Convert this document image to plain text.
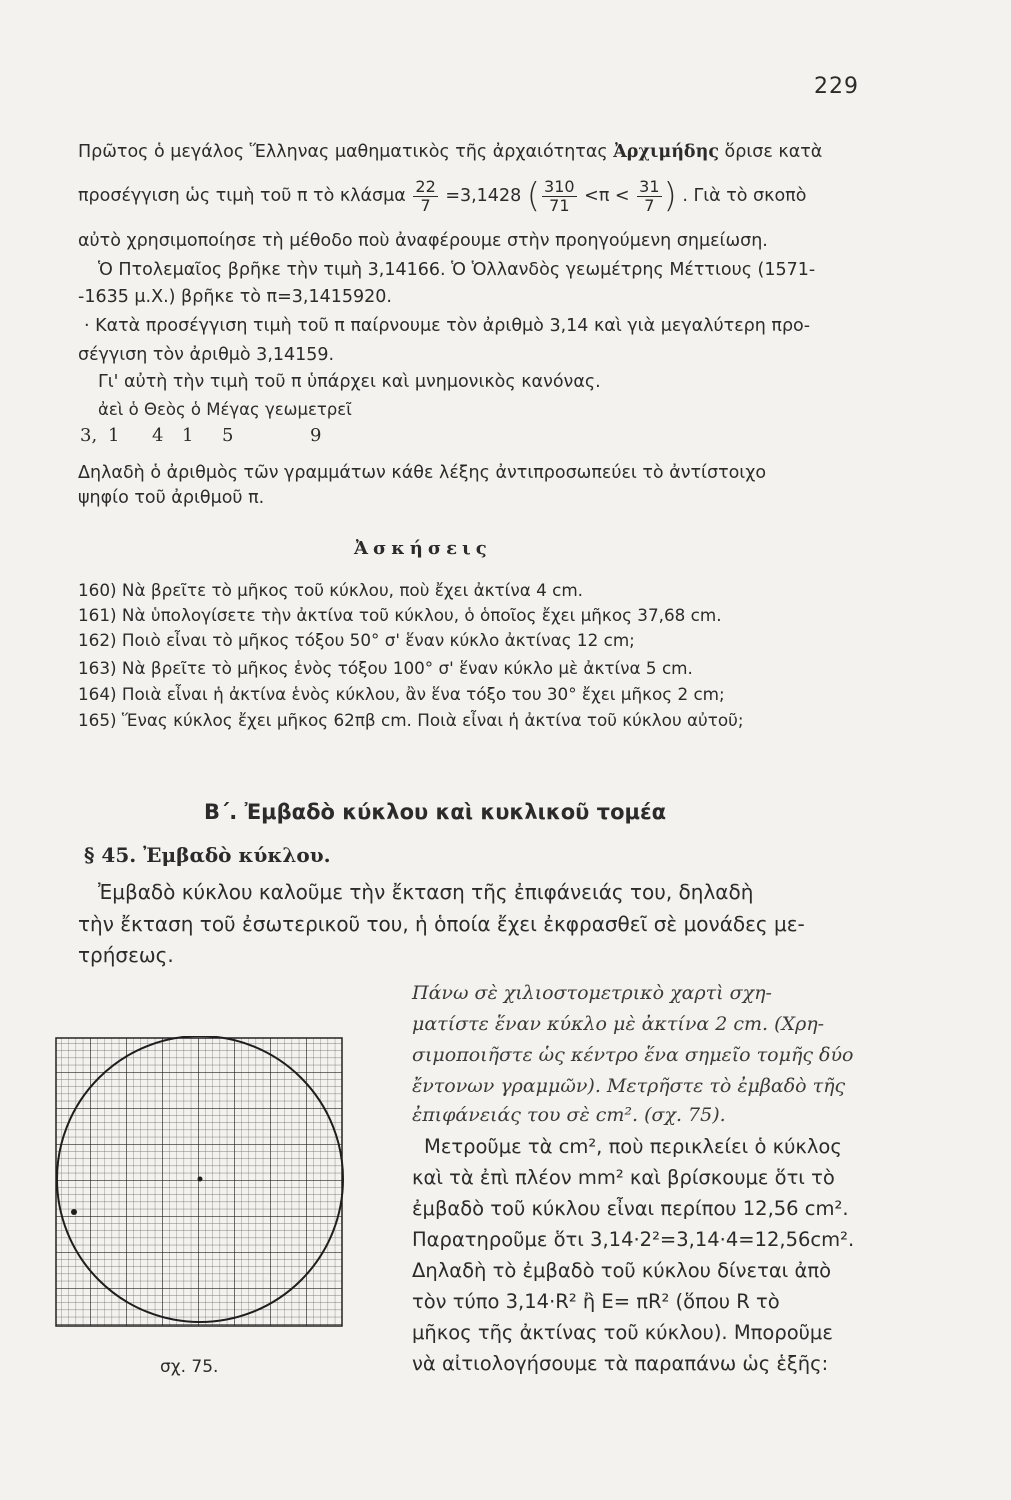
229
Πρῶτος ὁ μεγάλος Ἕλληνας μαθηματικὸς τῆς ἀρχαιότητας Ἀρχιμήδης ὅρισε κατὰ
προσέγγιση ὡς τιμὴ τοῦ π τὸ κλάσμα $\frac{22}{7} =3,1428$ ( $\frac{310}{71} <\pi < \frac{31}{7}$ ) . Γιὰ τὸ σκοπὸ
αὐτὸ χρησιμοποίησε τὴ μέθοδο ποὺ ἀναφέρουμε στὴν προηγούμενη σημείωση.
Ὁ Πτολεμαῖος βρῆκε τὴν τιμὴ 3,14166. Ὁ Ὁλλανδὸς γεωμέτρης Μέττιους (1571-
-1635 μ.Χ.) βρῆκε τὸ π=3,1415920.
· Κατὰ προσέγγιση τιμὴ τοῦ π παίρνουμε τὸν ἀριθμὸ 3,14 καὶ γιὰ μεγαλύτερη προ-
σέγγιση τὸν ἀριθμὸ 3,14159.
Γι' αὐτὴ τὴν τιμὴ τοῦ π ὑπάρχει καὶ μνημονικὸς κανόνας.
ἀεὶ ὁ Θεὸς ὁ Μέγας γεωμετρεῖ
3, 1 4 1 5	9
Δηλαδὴ ὁ ἀριθμὸς τῶν γραμμάτων κάθε λέξης ἀντιπροσωπεύει τὸ ἀντίστοιχο
ψηφίο τοῦ ἀριθμοῦ π.
Ἀσκήσεις
160) Νὰ βρεῖτε τὸ μῆκος τοῦ κύκλου, ποὺ ἔχει ἀκτίνα 4 cm.
161) Νὰ ὑπολογίσετε τὴν ἀκτίνα τοῦ κύκλου, ὁ ὁποῖος ἔχει μῆκος 37,68 cm.
162) Ποιὸ εἶναι τὸ μῆκος τόξου 50° σ' ἕναν κύκλο ἀκτίνας 12 cm;
163) Νὰ βρεῖτε τὸ μῆκος ἑνὸς τόξου 100° σ' ἕναν κύκλο μὲ ἀκτίνα 5 cm.
164) Ποιὰ εἶναι ἡ ἀκτίνα ἑνὸς κύκλου, ἂν ἕνα τόξο του 30° ἔχει μῆκος 2 cm;
165) Ἕνας κύκλος ἔχει μῆκος 62πβ cm. Ποιὰ εἶναι ἡ ἀκτίνα τοῦ κύκλου αὐτοῦ;
Β΄. Ἐμβαδὸ κύκλου καὶ κυκλικοῦ τομέα
§ 45. Ἐμβαδὸ κύκλου.
Ἐμβαδὸ κύκλου καλοῦμε τὴν ἔκταση τῆς ἐπιφάνειάς του, δηλαδὴ
τὴν ἔκταση τοῦ ἐσωτερικοῦ του, ἡ ὁποία ἔχει ἐκφρασθεῖ σὲ μονάδες με-
τρήσεως.
Πάνω σὲ χιλιοστομετρικὸ χαρτὶ σχη-
ματίστε ἕναν κύκλο μὲ ἀκτίνα 2 cm. (Χρη-
σιμοποιῆστε ὡς κέντρο ἕνα σημεῖο τομῆς δύο
ἔντονων γραμμῶν). Μετρῆστε τὸ ἐμβαδὸ τῆς
ἐπιφάνειάς του σὲ cm². (σχ. 75).
Μετροῦμε τὰ cm², ποὺ περικλείει ὁ κύκλος
καὶ τὰ ἐπὶ πλέον mm² καὶ βρίσκουμε ὅτι τὸ
ἐμβαδὸ τοῦ κύκλου εἶναι περίπου 12,56 cm².
Παρατηροῦμε ὅτι 3,14·2²=3,14·4=12,56cm².
Δηλαδὴ τὸ ἐμβαδὸ τοῦ κύκλου δίνεται ἀπὸ
τὸν τύπο 3,14·R² ἢ E= πR² (ὅπου R τὸ
μῆκος τῆς ἀκτίνας τοῦ κύκλου). Μποροῦμε
νὰ αἰτιολογήσουμε τὰ παραπάνω ὡς ἑξῆς:
σχ. 75.
